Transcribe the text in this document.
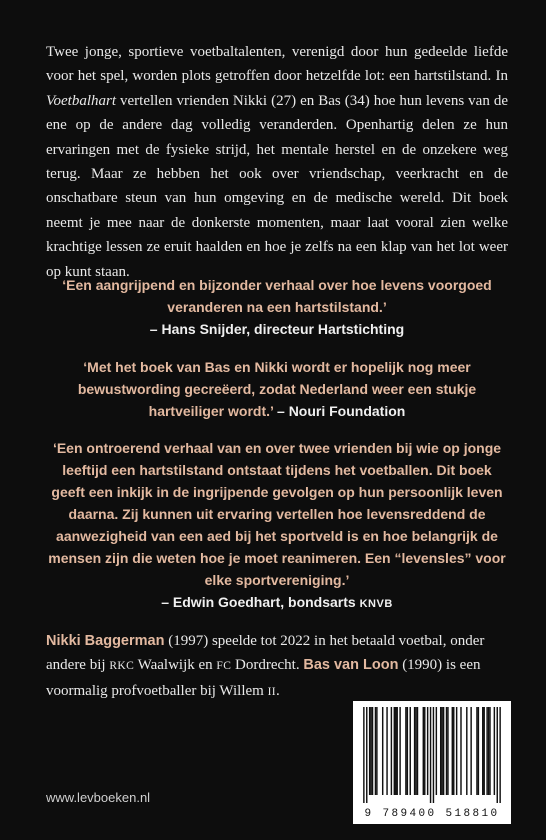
Twee jonge, sportieve voetbaltalenten, verenigd door hun gedeelde liefde voor het spel, worden plots getroffen door hetzelfde lot: een hartstilstand. In Voetbalhart vertellen vrienden Nikki (27) en Bas (34) hoe hun levens van de ene op de andere dag volledig veranderden. Openhartig delen ze hun ervaringen met de fysieke strijd, het mentale herstel en de onzekere weg terug. Maar ze hebben het ook over vriendschap, veerkracht en de onschatbare steun van hun omgeving en de medische wereld. Dit boek neemt je mee naar de donkerste momenten, maar laat vooral zien welke krachtige lessen ze eruit haalden en hoe je zelfs na een klap van het lot weer op kunt staan.
‘Een aangrijpend en bijzonder verhaal over hoe levens voorgoed veranderen na een hartstilstand.’
– Hans Snijder, directeur Hartstichting
‘Met het boek van Bas en Nikki wordt er hopelijk nog meer bewustwording gecreëerd, zodat Nederland weer een stukje hartveiliger wordt.’ – Nouri Foundation
‘Een ontroerend verhaal van en over twee vrienden bij wie op jonge leeftijd een hartstilstand ontstaat tijdens het voetballen. Dit boek geeft een inkijk in de ingrijpende gevolgen op hun persoonlijk leven daarna. Zij kunnen uit ervaring vertellen hoe levensreddend de aanwezigheid van een aed bij het sportveld is en hoe belangrijk de mensen zijn die weten hoe je moet reanimeren. Een “levensles” voor elke sportvereniging.’
– Edwin Goedhart, bondsarts KNVB
Nikki Baggerman (1997) speelde tot 2022 in het betaald voetbal, onder andere bij RKC Waalwijk en FC Dordrecht. Bas van Loon (1990) is een voormalig profvoetballer bij Willem II.
www.levboeken.nl
9 789400 518810
